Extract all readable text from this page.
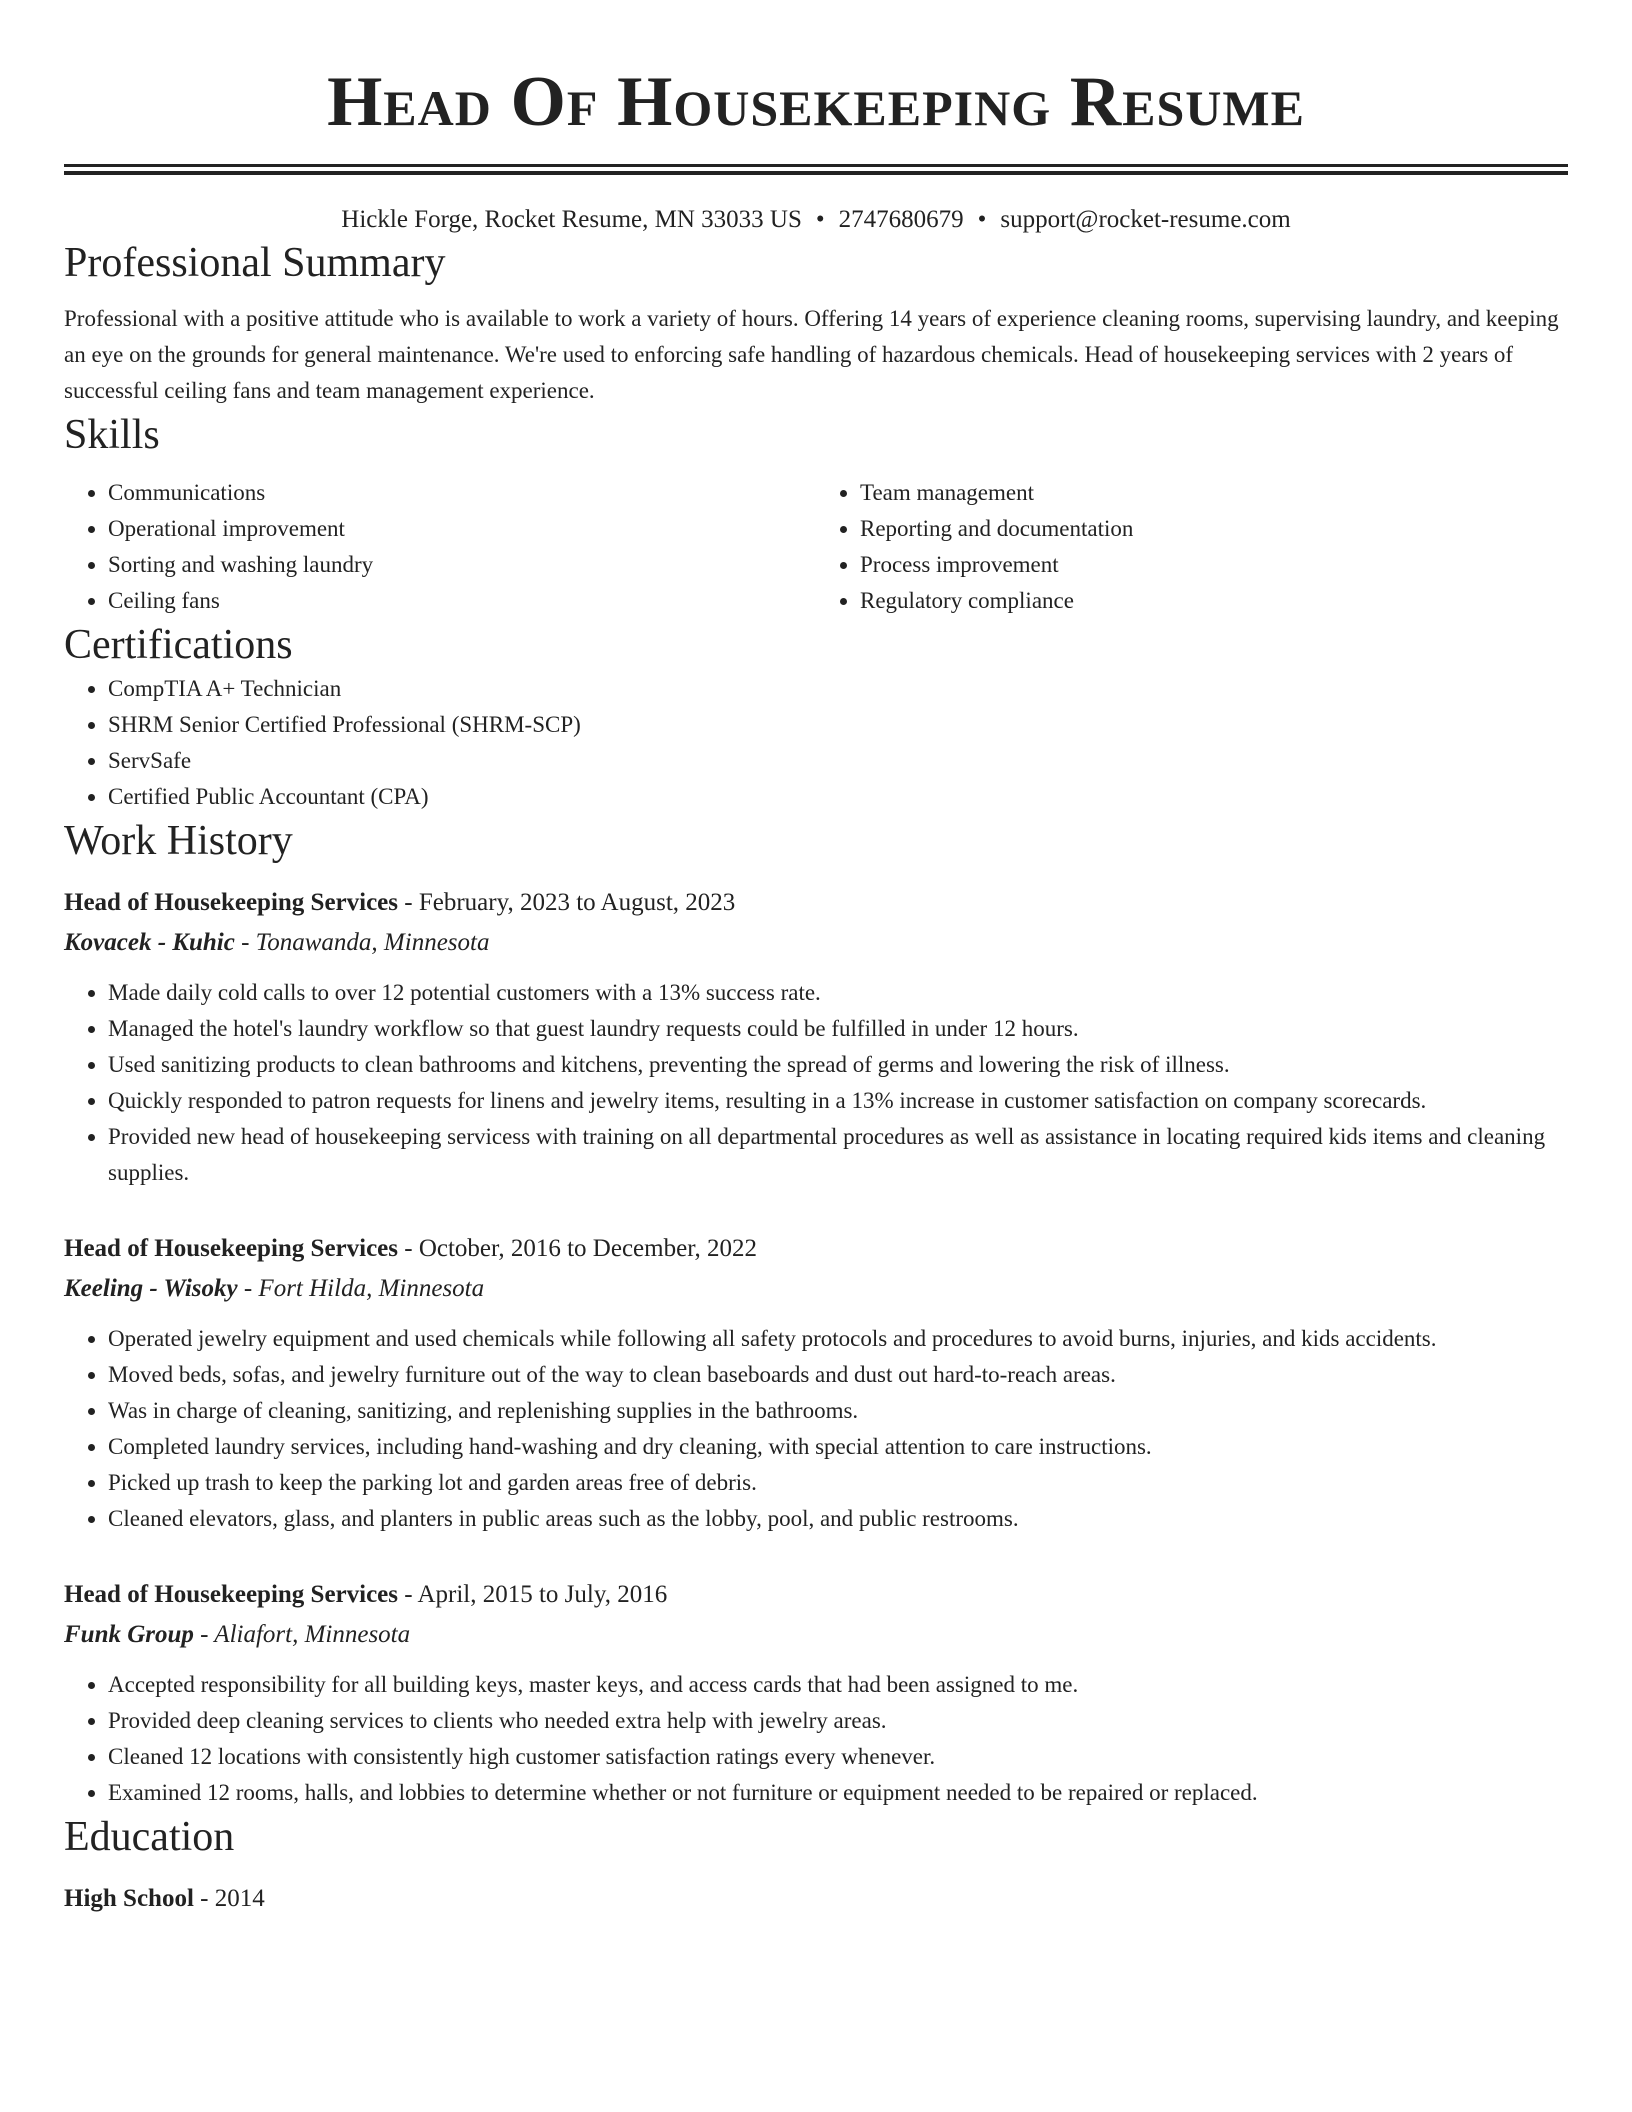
Head Of Housekeeping Resume
Hickle Forge, Rocket Resume, MN 33033 US • 2747680679 • support@rocket-resume.com
Professional Summary
Professional with a positive attitude who is available to work a variety of hours. Offering 14 years of experience cleaning rooms, supervising laundry, and keeping an eye on the grounds for general maintenance. We're used to enforcing safe handling of hazardous chemicals. Head of housekeeping services with 2 years of successful ceiling fans and team management experience.
Skills
• Communications
• Operational improvement
• Sorting and washing laundry
• Ceiling fans
• Team management
• Reporting and documentation
• Process improvement
• Regulatory compliance
Certifications
• CompTIA A+ Technician
• SHRM Senior Certified Professional (SHRM-SCP)
• ServSafe
• Certified Public Accountant (CPA)
Work History
Head of Housekeeping Services - February, 2023 to August, 2023
Kovacek - Kuhic - Tonawanda, Minnesota
• Made daily cold calls to over 12 potential customers with a 13% success rate.
• Managed the hotel's laundry workflow so that guest laundry requests could be fulfilled in under 12 hours.
• Used sanitizing products to clean bathrooms and kitchens, preventing the spread of germs and lowering the risk of illness.
• Quickly responded to patron requests for linens and jewelry items, resulting in a 13% increase in customer satisfaction on company scorecards.
• Provided new head of housekeeping servicess with training on all departmental procedures as well as assistance in locating required kids items and cleaning supplies.
Head of Housekeeping Services - October, 2016 to December, 2022
Keeling - Wisoky - Fort Hilda, Minnesota
• Operated jewelry equipment and used chemicals while following all safety protocols and procedures to avoid burns, injuries, and kids accidents.
• Moved beds, sofas, and jewelry furniture out of the way to clean baseboards and dust out hard-to-reach areas.
• Was in charge of cleaning, sanitizing, and replenishing supplies in the bathrooms.
• Completed laundry services, including hand-washing and dry cleaning, with special attention to care instructions.
• Picked up trash to keep the parking lot and garden areas free of debris.
• Cleaned elevators, glass, and planters in public areas such as the lobby, pool, and public restrooms.
Head of Housekeeping Services - April, 2015 to July, 2016
Funk Group - Aliafort, Minnesota
• Accepted responsibility for all building keys, master keys, and access cards that had been assigned to me.
• Provided deep cleaning services to clients who needed extra help with jewelry areas.
• Cleaned 12 locations with consistently high customer satisfaction ratings every whenever.
• Examined 12 rooms, halls, and lobbies to determine whether or not furniture or equipment needed to be repaired or replaced.
Education
High School - 2014
